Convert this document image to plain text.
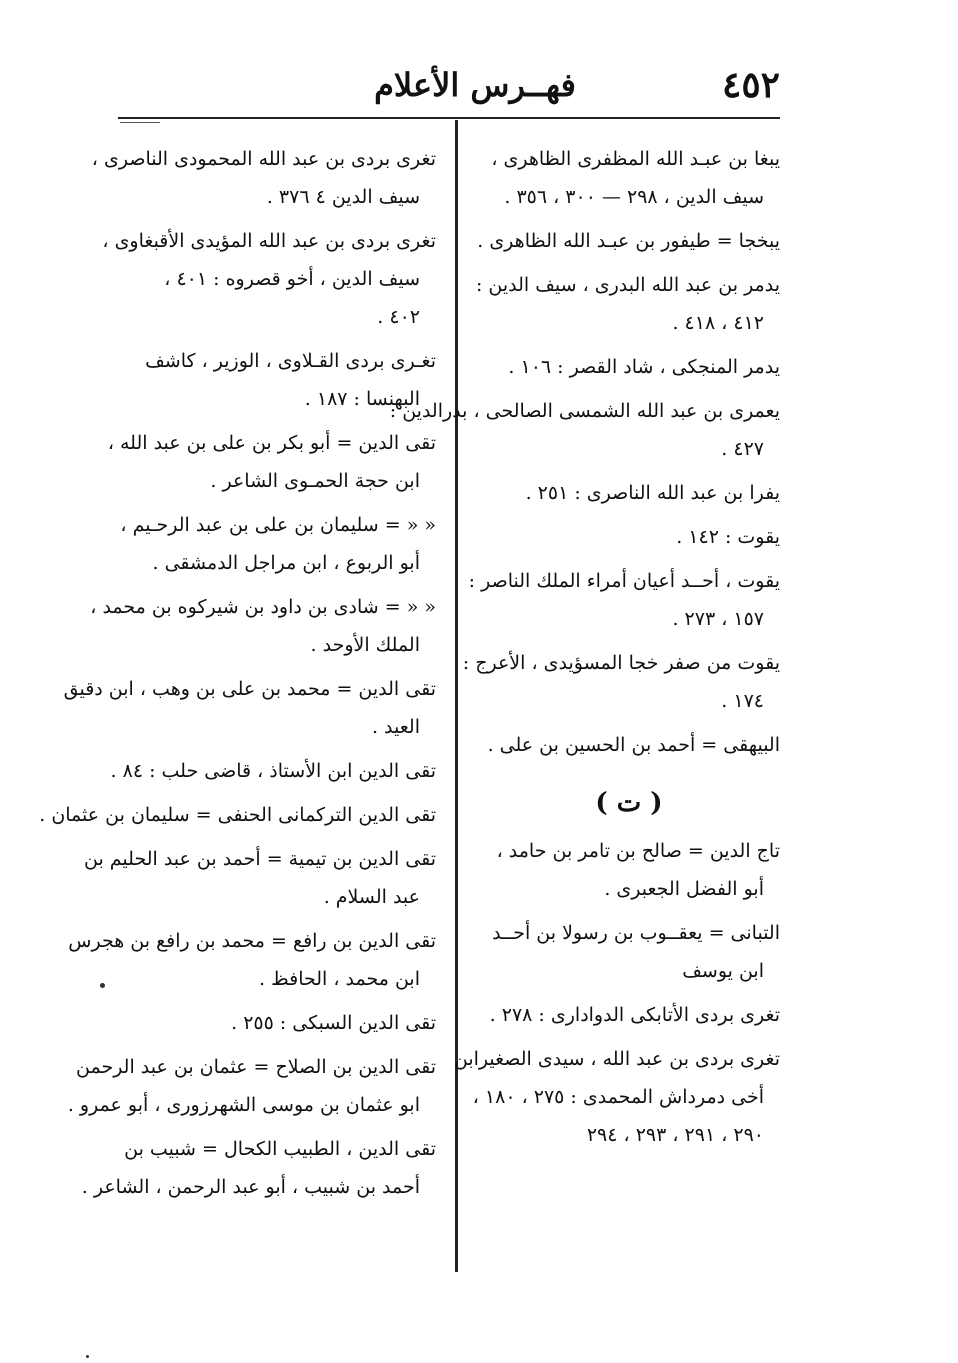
٤٥٢
فهــرس الأعلام
يبغا بن عبـد الله المظفرى الظاهرى ،
سيف الدين ، ٢٩٨ — ٣٠٠ ، ٣٥٦ .
يبخجا = طيفور بن عبـد الله الظاهرى .
يدمر بن عبد الله البدرى ، سيف الدين :
٤١٢ ، ٤١٨ .
يدمر المنجكى ، شاد القصر : ١٠٦ .
يعمرى بن عبد الله الشمسى الصالحى ، بدرالدين :
٤٢٧ .
يفرا بن عبد الله الناصرى : ٢٥١ .
يقوت : ١٤٢ .
يقوت ، أحــد أعيان أمراء الملك الناصر :
١٥٧ ، ٢٧٣ .
يقوت من صفر خجا المسؤيدى ، الأعرج :
١٧٤ .
البيهقى = أحمد بن الحسين بن على .
( ت )
تاج الدين = صالح بن تامر بن حامد ،
أبو الفضل الجعبرى .
التبانى = يعقــوب بن رسولا بن أحــد
ابن يوسف
تغرى بردى الأتابكى الدوادارى : ٢٧٨ .
تغرى بردى بن عبد الله ، سيدى الصغيرابن
أخى دمرداش المحمدى : ٢٧٥ ، ١٨٠ ،
٢٩٠ ، ٢٩١ ، ٢٩٣ ، ٢٩٤
تغرى بردى بن عبد الله المحمودى الناصرى ،
سيف الدين ٤ ٣٧٦ .
تغرى بردى بن عبد الله المؤيدى الأقبغاوى ،
سيف الدين ، أخو قصروه : ٤٠١ ،
٤٠٢ .
تغـرى بردى القـلاوى ، الوزير ، كاشف
البهنسا : ١٨٧ .
تقى الدين = أبو بكر بن على بن عبد الله ،
ابن حجة الحمـوى الشاعر .
« « = سليمان بن على بن عبد الرحـيم ،
أبو الربوع ، ابن مراجل الدمشقى .
« « = شادى بن داود بن شيركوه بن محمد ،
الملك الأوحد .
تقى الدين = محمد بن على بن وهب ، ابن دقيق
العيد .
تقى الدين ابن الأستاذ ، قاضى حلب : ٨٤ .
تقى الدين التركمانى الحنفى = سليمان بن عثمان .
تقى الدين بن تيمية = أحمد بن عبد الحليم بن
عبد السلام .
تقى الدين بن رافع = محمد بن رافع بن هجرس
ابن محمد ، الحافظ .
تقى الدين السبكى : ٢٥٥ .
تقى الدين بن الصلاح = عثمان بن عبد الرحمن
ابو عثمان بن موسى الشهرزورى ، أبو عمرو .
تقى الدين ، الطبيب الكحال = شبيب بن
أحمد بن شبيب ، أبو عبد الرحمن ، الشاعر .
